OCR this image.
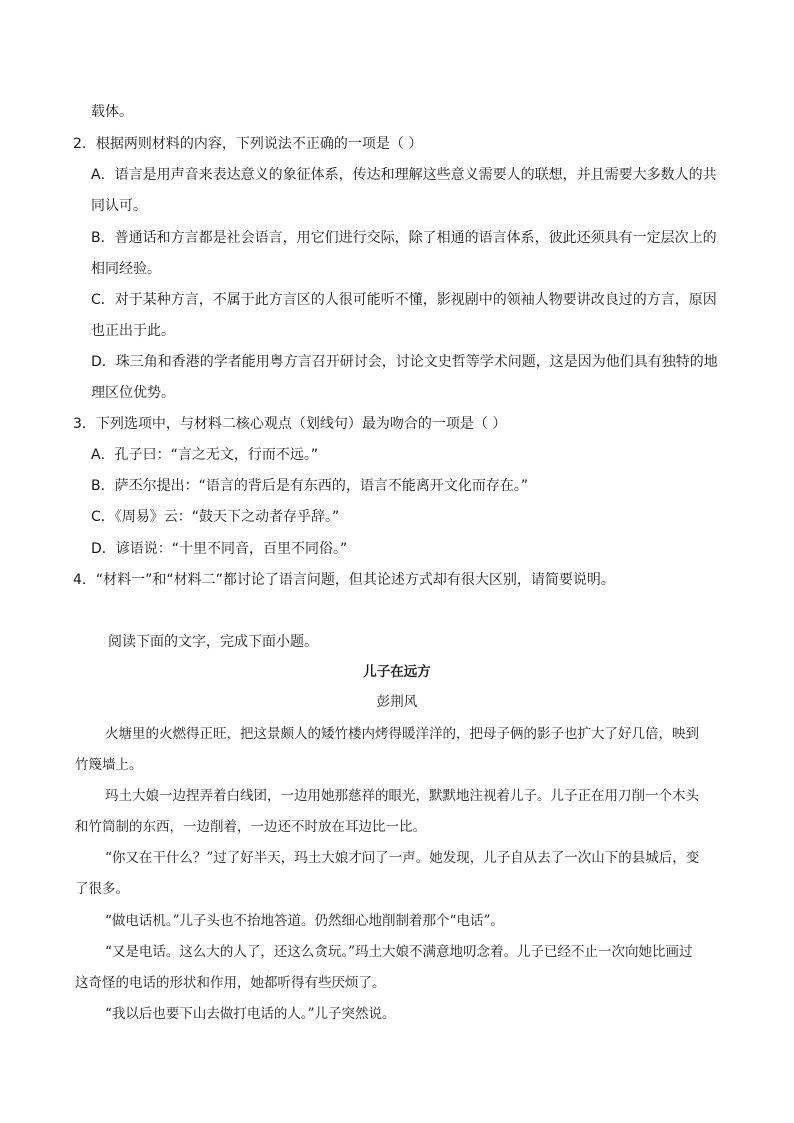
载体。
2．根据两则材料的内容，下列说法不正确的一项是（ ）
A．语言是用声音来表达意义的象征体系，传达和理解这些意义需要人的联想，并且需要大多数人的共
同认可。
B．普通话和方言都是社会语言，用它们进行交际，除了相通的语言体系，彼此还须具有一定层次上的
相同经验。
C．对于某种方言，不属于此方言区的人很可能听不懂，影视剧中的领袖人物要讲改良过的方言，原因
也正出于此。
D．珠三角和香港的学者能用粤方言召开研讨会，讨论文史哲等学术问题，这是因为他们具有独特的地
理区位优势。
3．下列选项中，与材料二核心观点（划线句）最为吻合的一项是（ ）
A．孔子曰：“言之无文，行而不远。”
B．萨丕尔提出：“语言的背后是有东西的，语言不能离开文化而存在。”
C．《周易》云：“鼓天下之动者存乎辞。”
D．谚语说：“十里不同音，百里不同俗。”
4．“材料一”和“材料二”都讨论了语言问题，但其论述方式却有很大区别，请简要说明。
阅读下面的文字，完成下面小题。
儿子在远方
彭荆风
火塘里的火燃得正旺，把这景颇人的矮竹楼内烤得暖洋洋的，把母子俩的影子也扩大了好几倍，映到
竹篾墙上。
玛土大娘一边捏弄着白线团，一边用她那慈祥的眼光，默默地注视着儿子。儿子正在用刀削一个木头
和竹筒制的东西，一边削着，一边还不时放在耳边比一比。
“你又在干什么？”过了好半天，玛土大娘才问了一声。她发现，儿子自从去了一次山下的县城后，变
了很多。
“做电话机。”儿子头也不抬地答道。仍然细心地削制着那个“电话”。
“又是电话。这么大的人了，还这么贪玩。”玛土大娘不满意地叨念着。儿子已经不止一次向她比画过
这奇怪的电话的形状和作用，她都听得有些厌烦了。
“我以后也要下山去做打电话的人。”儿子突然说。
